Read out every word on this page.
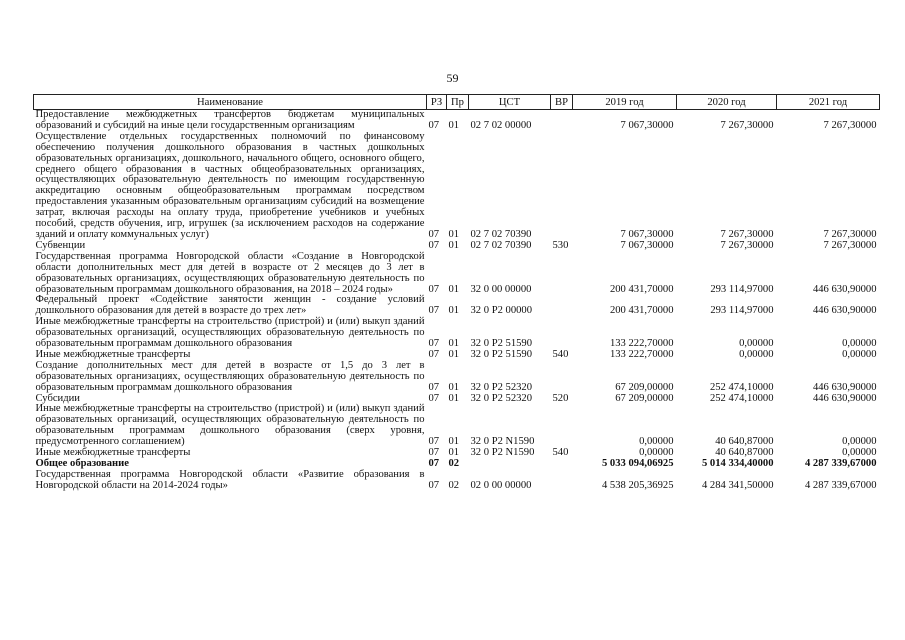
59
Наименование	РЗ	Пр	ЦСТ	ВР	2019 год	2020 год	2021 год
Предоставление межбюджетных трансфертов бюджетам муниципальных образований и субсидий на иные цели государственным организациям	07	01	02 7 02 00000		7 067,30000	7 267,30000	7 267,30000
Осуществление отдельных государственных полномочий по финансовому обеспечению получения дошкольного образования в частных дошкольных образовательных организациях, дошкольного, начального общего, основного общего, среднего общего образования в частных общеобразовательных организациях, осуществляющих образовательную деятельность по имеющим государственную аккредитацию основным общеобразовательным программам посредством предоставления указанным образовательным организациям субсидий на возмещение затрат, включая расходы на оплату труда, приобретение учебников и учебных пособий, средств обучения, игр, игрушек (за исключением расходов на содержание зданий и оплату коммунальных услуг)	07	01	02 7 02 70390		7 067,30000	7 267,30000	7 267,30000
Субвенции	07	01	02 7 02 70390	530	7 067,30000	7 267,30000	7 267,30000
Государственная программа Новгородской области «Создание в Новгородской области дополнительных мест для детей в возрасте от 2 месяцев до 3 лет в образовательных организациях, осуществляющих образовательную деятельность по образовательным программам дошкольного образования, на 2018 – 2024 годы»	07	01	32 0 00 00000		200 431,70000	293 114,97000	446 630,90000
Федеральный проект «Содействие занятости женщин - создание условий дошкольного образования для детей в возрасте до трех лет»	07	01	32 0 P2 00000		200 431,70000	293 114,97000	446 630,90000
Иные межбюджетные трансферты на строительство (пристрой) и (или) выкуп зданий образовательных организаций, осуществляющих образовательную деятельность по образовательным программам дошкольного образования	07	01	32 0 P2 51590		133 222,70000	0,00000	0,00000
Иные межбюджетные трансферты	07	01	32 0 P2 51590	540	133 222,70000	0,00000	0,00000
Создание дополнительных мест для детей в возрасте от 1,5 до 3 лет в образовательных организациях, осуществляющих образовательную деятельность по образовательным программам дошкольного образования	07	01	32 0 P2 52320		67 209,00000	252 474,10000	446 630,90000
Субсидии	07	01	32 0 P2 52320	520	67 209,00000	252 474,10000	446 630,90000
Иные межбюджетные трансферты на строительство (пристрой) и (или) выкуп зданий образовательных организаций, осуществляющих образовательную деятельность по образовательным программам дошкольного образования (сверх уровня, предусмотренного соглашением)	07	01	32 0 P2 N1590		0,00000	40 640,87000	0,00000
Иные межбюджетные трансферты	07	01	32 0 P2 N1590	540	0,00000	40 640,87000	0,00000
Общее образование	07	02			5 033 094,06925	5 014 334,40000	4 287 339,67000
Государственная программа Новгородской области «Развитие образования в Новгородской области на 2014-2024 годы»	07	02	02 0 00 00000		4 538 205,36925	4 284 341,50000	4 287 339,67000
